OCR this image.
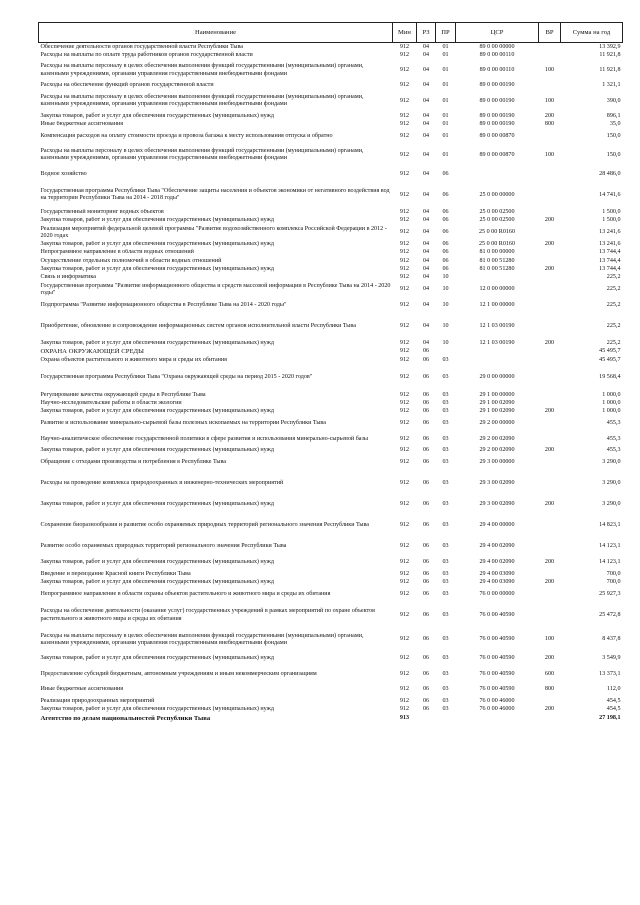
Наименование	Мин	РЗ	ПР	ЦСР	ВР	Сумма на год
Обеспечение деятельности органов государственной власти Республики Тыва	912	04	01	89 0 00 00000		13 392,9
Расходы на выплаты по оплате труда работников органов государственной власти	912	04	01	89 0 00 00110		11 921,8
Расходы на выплаты персоналу в целях обеспечения выполнения функций государственными (муниципальными) органами, казенными учреждениями, органами управления государственными внебюджетными фондами	912	04	01	89 0 00 00110	100	11 921,8
Расходы на обеспечение функций органов государственной власти	912	04	01	89 0 00 00190		1 321,1
Расходы на выплаты персоналу в целях обеспечения выполнения функций государственными (муниципальными) органами, казенными учреждениями, органами управления государственными внебюджетными фондами	912	04	01	89 0 00 00190	100	390,0
Закупка товаров, работ и услуг для обеспечения государственных (муниципальных) нужд	912	04	01	89 0 00 00190	200	896,1
Иные бюджетные ассигнования	912	04	01	89 0 00 00190	800	35,0
Компенсация расходов на оплату стоимости проезда и провоза багажа к месту использования отпуска и обратно	912	04	01	89 0 00 00870		150,0
Расходы на выплаты персоналу в целях обеспечения выполнения функций государственными (муниципальными) органами, казенными учреждениями, органами управления государственными внебюджетными фондами	912	04	01	89 0 00 00870	100	150,0
Водное хозяйство	912	04	06			28 486,0
Государственная программа Республики Тыва "Обеспечение защиты населения и объектов экономики от негативного воздействия вод на территории Республики Тыва на 2014 - 2018 годы"	912	04	06	25 0 00 00000		14 741,6
Государственный мониторинг водных объектов	912	04	06	25 0 00 02500		1 500,0
Закупка товаров, работ и услуг для обеспечения государственных (муниципальных) нужд	912	04	06	25 0 00 02500	200	1 500,0
Реализация мероприятий федеральной целевой программы "Развитие водохозяйственного комплекса Российской Федерации в 2012 - 2020 годах	912	04	06	25 0 00 R0160		13 241,6
Закупка товаров, работ и услуг для обеспечения государственных (муниципальных) нужд	912	04	06	25 0 00 R0160	200	13 241,6
Непрограммное направление в области водных отношений	912	04	06	81 0 00 00000		13 744,4
Осуществление отдельных полномочий в области водных отношений	912	04	06	81 0 00 51280		13 744,4
Закупка товаров, работ и услуг для обеспечения государственных (муниципальных) нужд	912	04	06	81 0 00 51280	200	13 744,4
Связь и информатика	912	04	10			225,2
Государственная программа "Развитие информационного общества и средств массовой информации в Республике Тыва на 2014 - 2020 годы"	912	04	10	12 0 00 00000		225,2
Подпрограмма "Развитие информационного общества в Республике Тыва на 2014 - 2020 годы"	912	04	10	12 1 00 00000		225,2
Приобретение, обновление и сопровождение информационных систем органов исполнительной власти Республики Тыва	912	04	10	12 1 03 00190		225,2
Закупка товаров, работ и услуг для обеспечения государственных (муниципальных) нужд	912	04	10	12 1 03 00190	200	225,2
ОХРАНА ОКРУЖАЮЩЕЙ СРЕДЫ	912	06				45 495,7
Охрана объектов растительного и животного мира и среды их обитания	912	06	03			45 495,7
Государственная программа Республики Тыва "Охрана окружающей среды на период 2015 - 2020 годов"	912	06	03	29 0 00 00000		19 568,4
Регулирование качества окружающей среды в Республике Тыва	912	06	03	29 1 00 00000		1 000,0
Научно-исследовательские работы в области экологии	912	06	03	29 1 00 02090		1 000,0
Закупка товаров, работ и услуг для обеспечения государственных (муниципальных) нужд	912	06	03	29 1 00 02090	200	1 000,0
Развитие и использование минерально-сырьевой базы полезных ископаемых на территории Республики Тыва	912	06	03	29 2 00 00000		455,3
Научно-аналитическое обеспечение государственной политики в сфере развития и использования минерально-сырьевой базы	912	06	03	29 2 00 02090		455,3
Закупка товаров, работ и услуг для обеспечения государственных (муниципальных) нужд	912	06	03	29 2 00 02090	200	455,3
Обращение с отходами производства и потребления в Республике Тыва	912	06	03	29 3 00 00000		3 290,0
Расходы на проведение комплекса природоохранных и инженерно-технических мероприятий	912	06	03	29 3 00 02090		3 290,0
Закупка товаров, работ и услуг для обеспечения государственных (муниципальных) нужд	912	06	03	29 3 00 02090	200	3 290,0
Сохранение биоразнообразия и развитие особо охраняемых природных территорий регионального значения Республики Тыва	912	06	03	29 4 00 00000		14 823,1
Развитие особо охраняемых природных территорий регионального значения Республики Тыва	912	06	03	29 4 00 02090		14 123,1
Закупка товаров, работ и услуг для обеспечения государственных (муниципальных) нужд	912	06	03	29 4 00 02090	200	14 123,1
Введение и переиздание Красной книги Республики Тыва	912	06	03	29 4 00 03090		700,0
Закупка товаров, работ и услуг для обеспечения государственных (муниципальных) нужд	912	06	03	29 4 00 03090	200	700,0
Непрограммное направление в области охраны объектов растительного и животного мира и среды их обитания	912	06	03	76 0 00 00000		25 927,3
Расходы на обеспечение деятельности (оказание услуг) государственных учреждений в рамках мероприятий по охране объектов растительного и животного мира и среды их обитания	912	06	03	76 0 00 40590		25 472,8
Расходы на выплаты персоналу в целях обеспечения выполнения функций государственными (муниципальными) органами, казенными учреждениями, органами управления государственными внебюджетными фондами	912	06	03	76 0 00 40590	100	8 437,8
Закупка товаров, работ и услуг для обеспечения государственных (муниципальных) нужд	912	06	03	76 0 00 40590	200	3 549,9
Предоставление субсидий бюджетным, автономным учреждениям и иным некоммерческим организациям	912	06	03	76 0 00 40590	600	13 373,1
Иные бюджетные ассигнования	912	06	03	76 0 00 40590	800	112,0
Реализация природоохранных мероприятий	912	06	03	76 0 00 46000		454,5
Закупка товаров, работ и услуг для обеспечения государственных (муниципальных) нужд	912	06	03	76 0 00 46000	200	454,5
Агентство по делам национальностей Республики Тыва	913					27 198,1
